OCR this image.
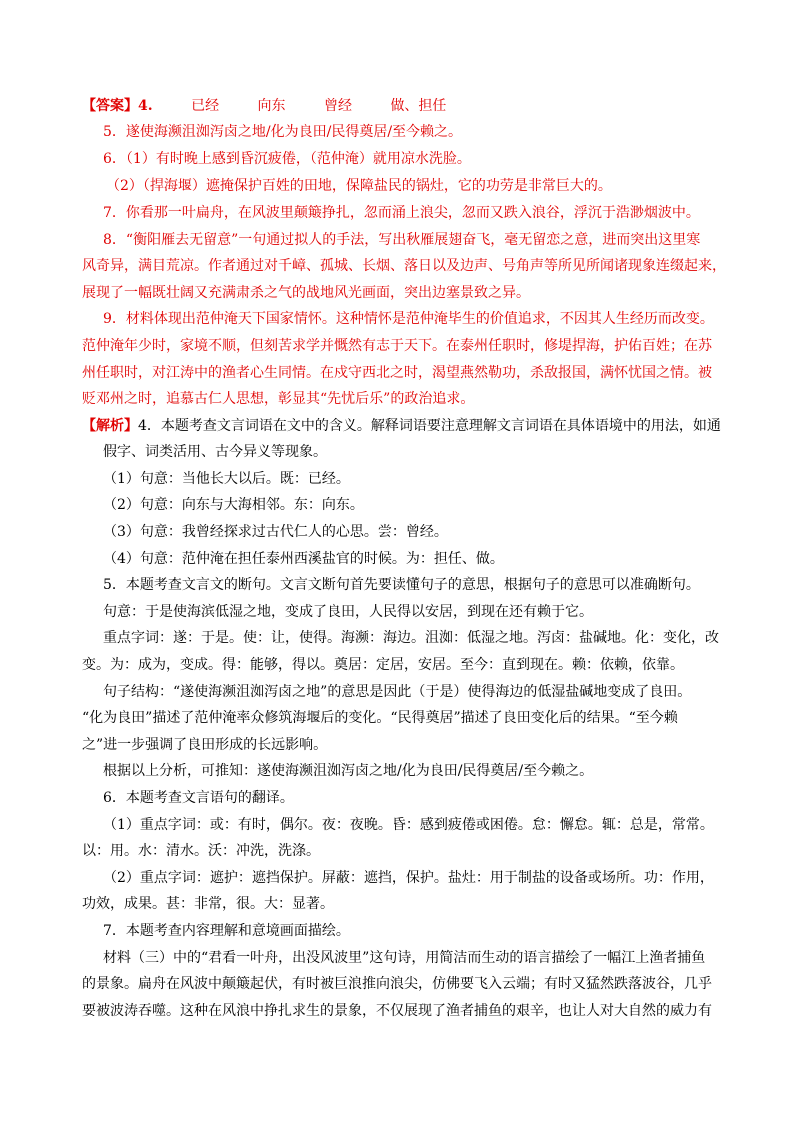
【答案】4.	已经	向东	曾经	做、担任
5．遂使海濒沮洳泻卤之地/化为良田/民得奠居/至今赖之。
6．（1）有时晚上感到昏沉疲倦，（范仲淹）就用凉水洗脸。
（2）（捍海堰）遮掩保护百姓的田地，保障盐民的锅灶，它的功劳是非常巨大的。
7．你看那一叶扁舟，在风波里颠簸挣扎，忽而涌上浪尖，忽而又跌入浪谷，浮沉于浩渺烟波中。
8．“衡阳雁去无留意”一句通过拟人的手法，写出秋雁展翅奋飞，毫无留恋之意，进而突出这里寒
风奇异，满目荒凉。作者通过对千嶂、孤城、长烟、落日以及边声、号角声等所见所闻诸现象连缀起来，
展现了一幅既壮阔又充满肃杀之气的战地风光画面，突出边塞景致之异。
9．材料体现出范仲淹天下国家情怀。这种情怀是范仲淹毕生的价值追求，不因其人生经历而改变。
范仲淹年少时，家境不顺，但刻苦求学并慨然有志于天下。在泰州任职时，修堤捍海，护佑百姓；在苏
州任职时，对江涛中的渔者心生同情。在戍守西北之时，渴望燕然勒功，杀敌报国，满怀忧国之情。被
贬邓州之时，追慕古仁人思想，彰显其“先忧后乐”的政治追求。
【解析】4．本题考查文言词语在文中的含义。解释词语要注意理解文言词语在具体语境中的用法，如通
假字、词类活用、古今异义等现象。
（1）句意：当他长大以后。既：已经。
（2）句意：向东与大海相邻。东：向东。
（3）句意：我曾经探求过古代仁人的心思。尝：曾经。
（4）句意：范仲淹在担任泰州西溪盐官的时候。为：担任、做。
5．本题考查文言文的断句。文言文断句首先要读懂句子的意思，根据句子的意思可以准确断句。
句意：于是使海滨低湿之地，变成了良田，人民得以安居，到现在还有赖于它。
重点字词：遂：于是。使：让，使得。海濒：海边。沮洳：低湿之地。泻卤：盐碱地。化：变化，改
变。为：成为，变成。得：能够，得以。奠居：定居，安居。至今：直到现在。赖：依赖，依靠。
句子结构：“遂使海濒沮洳泻卤之地”的意思是因此（于是）使得海边的低湿盐碱地变成了良田。
“化为良田”描述了范仲淹率众修筑海堰后的变化。“民得奠居”描述了良田变化后的结果。“至今赖
之”进一步强调了良田形成的长远影响。
根据以上分析，可推知：遂使海濒沮洳泻卤之地/化为良田/民得奠居/至今赖之。
6．本题考查文言语句的翻译。
（1）重点字词：或：有时，偶尔。夜：夜晚。昏：感到疲倦或困倦。怠：懈怠。辄：总是，常常。
以：用。水：清水。沃：冲洗，洗涤。
（2）重点字词：遮护：遮挡保护。屏蔽：遮挡，保护。盐灶：用于制盐的设备或场所。功：作用，
功效，成果。甚：非常，很。大：显著。
7．本题考查内容理解和意境画面描绘。
材料（三）中的“君看一叶舟，出没风波里”这句诗，用简洁而生动的语言描绘了一幅江上渔者捕鱼
的景象。扁舟在风波中颠簸起伏，有时被巨浪推向浪尖，仿佛要飞入云端；有时又猛然跌落波谷，几乎
要被波涛吞噬。这种在风浪中挣扎求生的景象，不仅展现了渔者捕鱼的艰辛，也让人对大自然的威力有
